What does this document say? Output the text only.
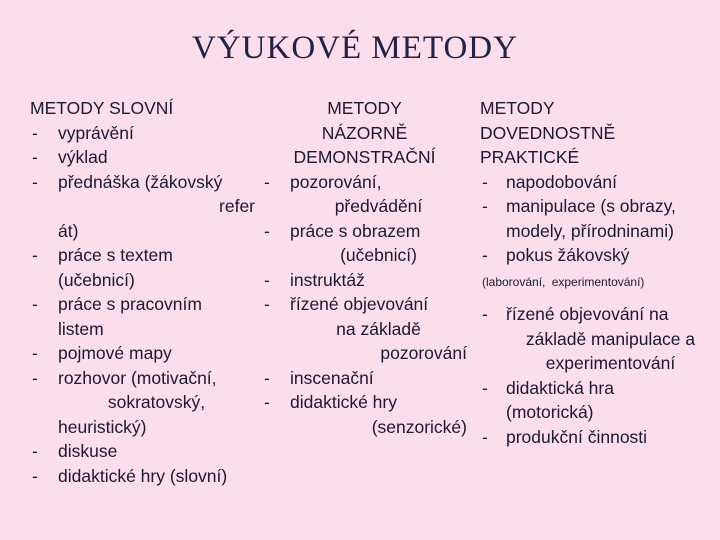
VÝUKOVÉ METODY
METODY SLOVNÍ
- vyprávění
- výklad
- přednáška (žákovský
refer
át)
- práce s textem
(učebnicí)
- práce s pracovním
listem
- pojmové mapy
- rozhovor (motivační,
sokratovský,
heuristický)
- diskuse
- didaktické hry (slovní)
METODY
NÁZORNĚ
DEMONSTRAČNÍ
- pozorování,
předvádění
- práce s obrazem
(učebnicí)
- instruktáž
- řízené objevování
na základě
pozorování
- inscenační
- didaktické hry
(senzorické)
METODY
DOVEDNOSTNĚ
PRAKTICKÉ
- napodobování
- manipulace (s obrazy,
modely, přírodninami)
- pokus žákovský
(laborování, experimentování)
- řízené objevování na
základě manipulace a
experimentování
- didaktická hra
(motorická)
- produkční činnosti
